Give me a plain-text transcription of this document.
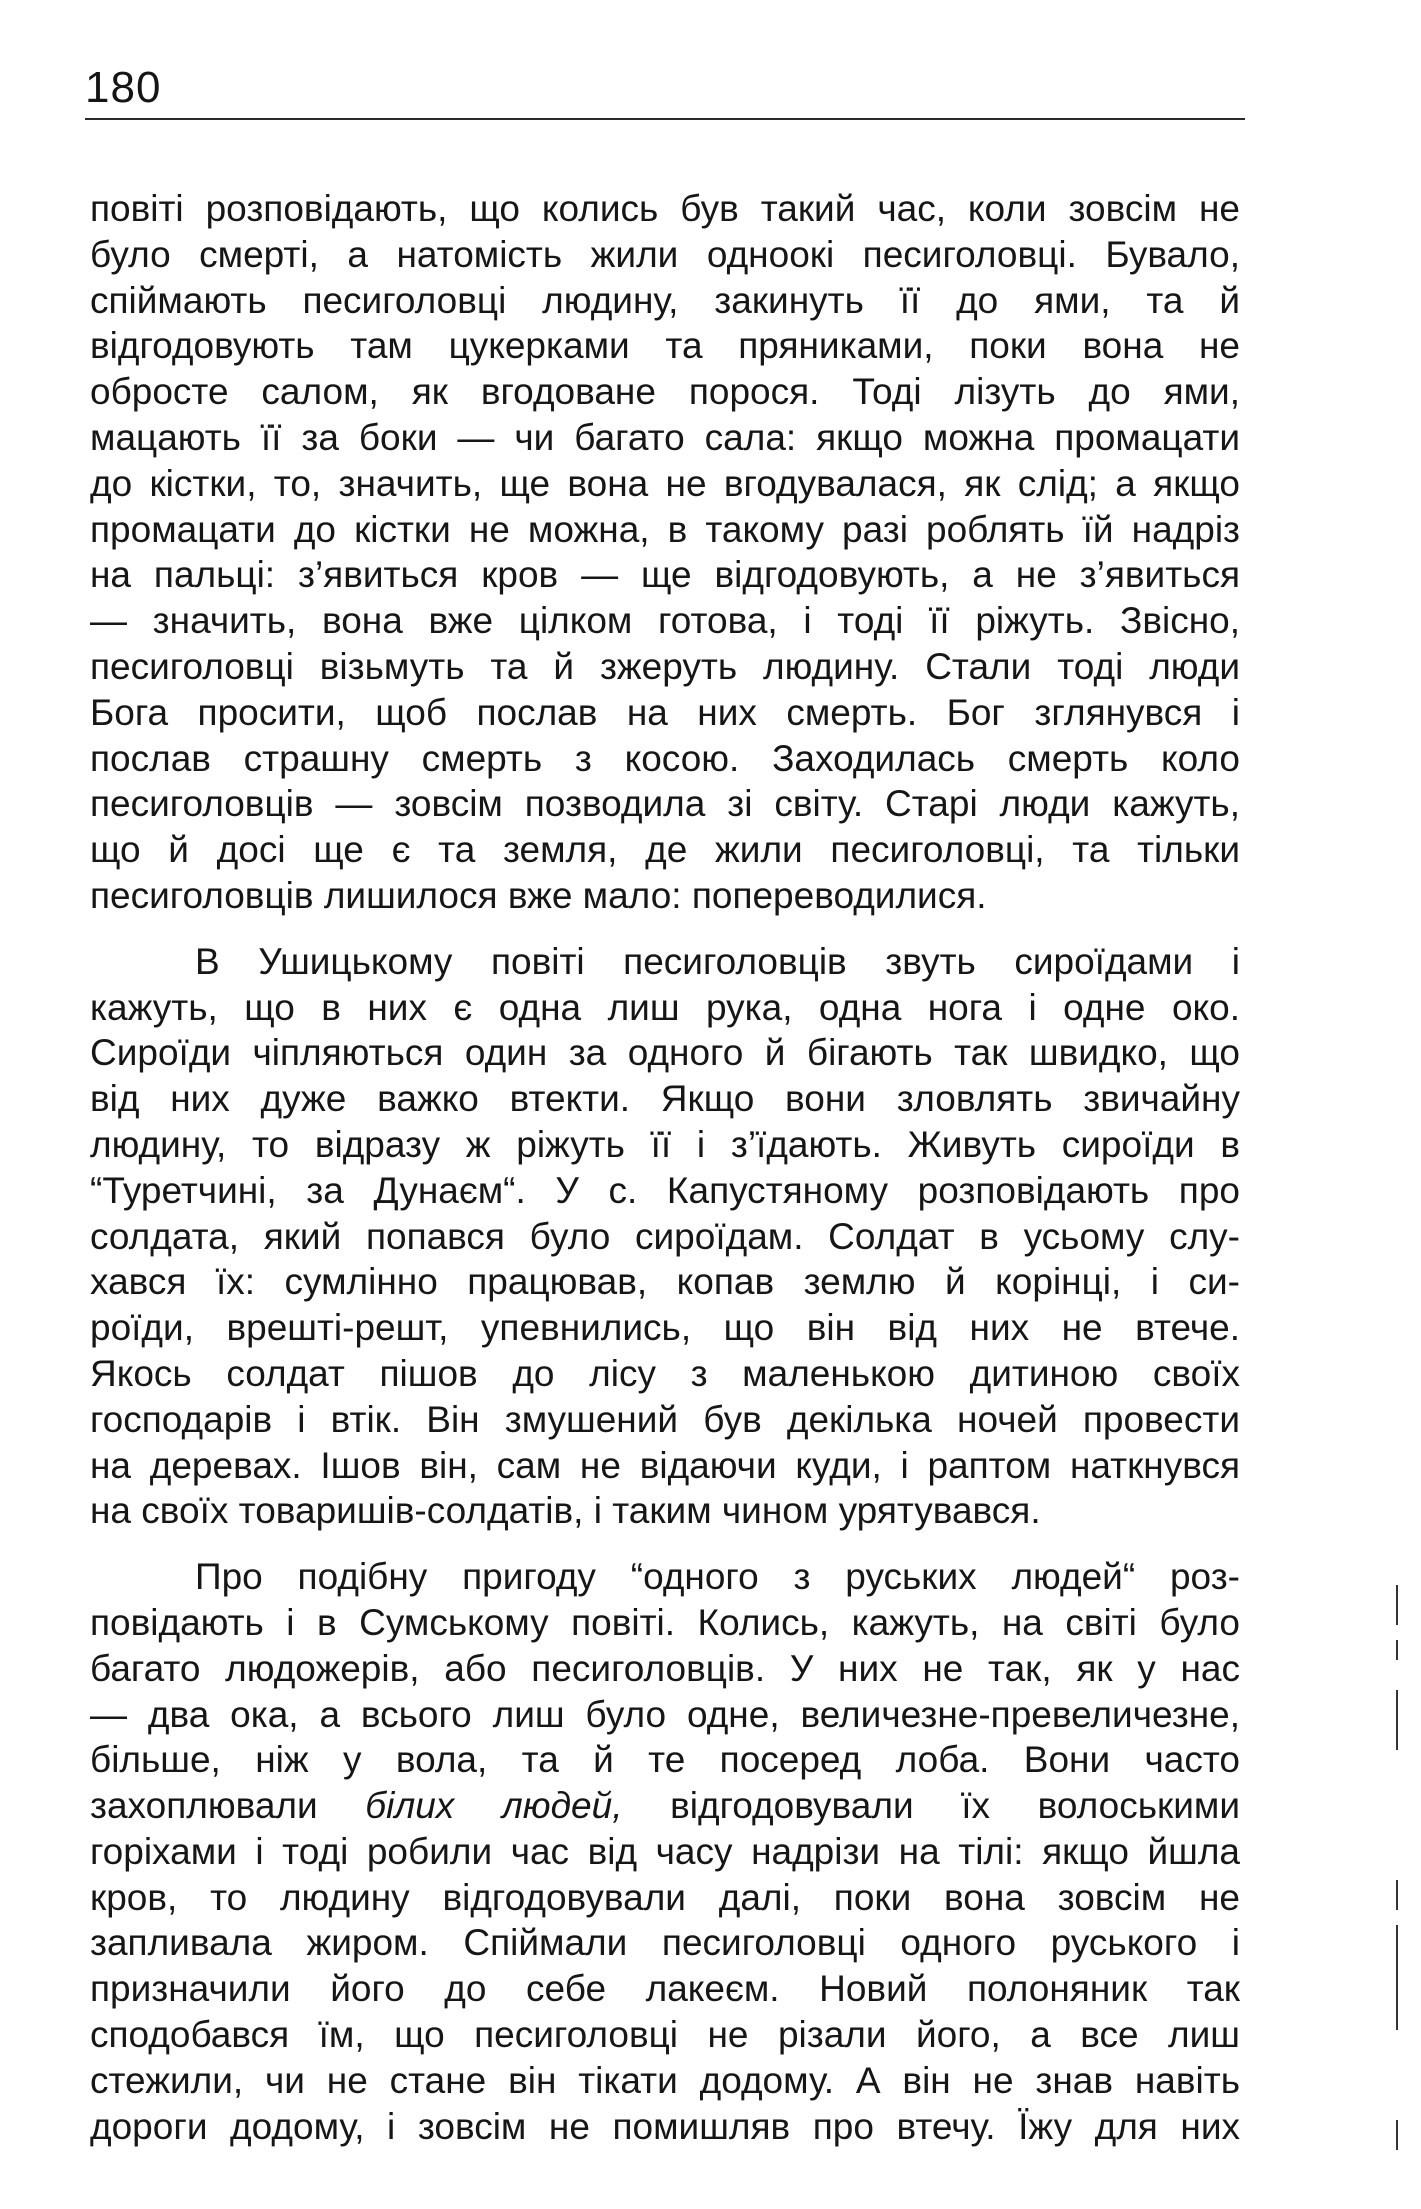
180
повіті розповідають, що колись був такий час, коли зовсім не
було смерті, а натомість жили одноокі песиголовці. Бувало,
спіймають песиголовці людину, закинуть її до ями, та й
відгодовують там цукерками та пряниками, поки вона не
обросте салом, як вгодоване порося. Тоді лізуть до ями,
мацають її за боки — чи багато сала: якщо можна промацати
до кістки, то, значить, ще вона не вгодувалася, як слід; а якщо
промацати до кістки не можна, в такому разі роблять їй надріз
на пальці: з’явиться кров — ще відгодовують, а не з’явиться
— значить, вона вже цілком готова, і тоді її ріжуть. Звісно,
песиголовці візьмуть та й зжеруть людину. Стали тоді люди
Бога просити, щоб послав на них смерть. Бог зглянувся і
послав страшну смерть з косою. Заходилась смерть коло
песиголовців — зовсім позводила зі світу. Старі люди кажуть,
що й досі ще є та земля, де жили песиголовці, та тільки
песиголовців лишилося вже мало: попереводилися.
В Ушицькому повіті песиголовців звуть сироїдами і
кажуть, що в них є одна лиш рука, одна нога і одне око.
Сироїди чіпляються один за одного й бігають так швидко, що
від них дуже важко втекти. Якщо вони зловлять звичайну
людину, то відразу ж ріжуть її і з’їдають. Живуть сироїди в
“Туретчині, за Дунаєм“. У с. Капустяному розповідають про
солдата, який попався було сироїдам. Солдат в усьому слу-
хався їх: сумлінно працював, копав землю й корінці, і си-
роїди, врешті-решт, упевнились, що він від них не втече.
Якось солдат пішов до лісу з маленькою дитиною своїх
господарів і втік. Він змушений був декілька ночей провести
на деревах. Ішов він, сам не відаючи куди, і раптом наткнувся
на своїх товаришів-солдатів, і таким чином урятувався.
Про подібну пригоду “одного з руських людей“ роз-
повідають і в Сумському повіті. Колись, кажуть, на світі було
багато людожерів, або песиголовців. У них не так, як у нас
— два ока, а всього лиш було одне, величезне-превеличезне,
більше, ніж у вола, та й те посеред лоба. Вони часто
захоплювали білих людей, відгодовували їх волоськими
горіхами і тоді робили час від часу надрізи на тілі: якщо йшла
кров, то людину відгодовували далі, поки вона зовсім не
запливала жиром. Спіймали песиголовці одного руського і
призначили його до себе лакеєм. Новий полоняник так
сподобався їм, що песиголовці не різали його, а все лиш
стежили, чи не стане він тікати додому. А він не знав навіть
дороги додому, і зовсім не помишляв про втечу. Їжу для них
